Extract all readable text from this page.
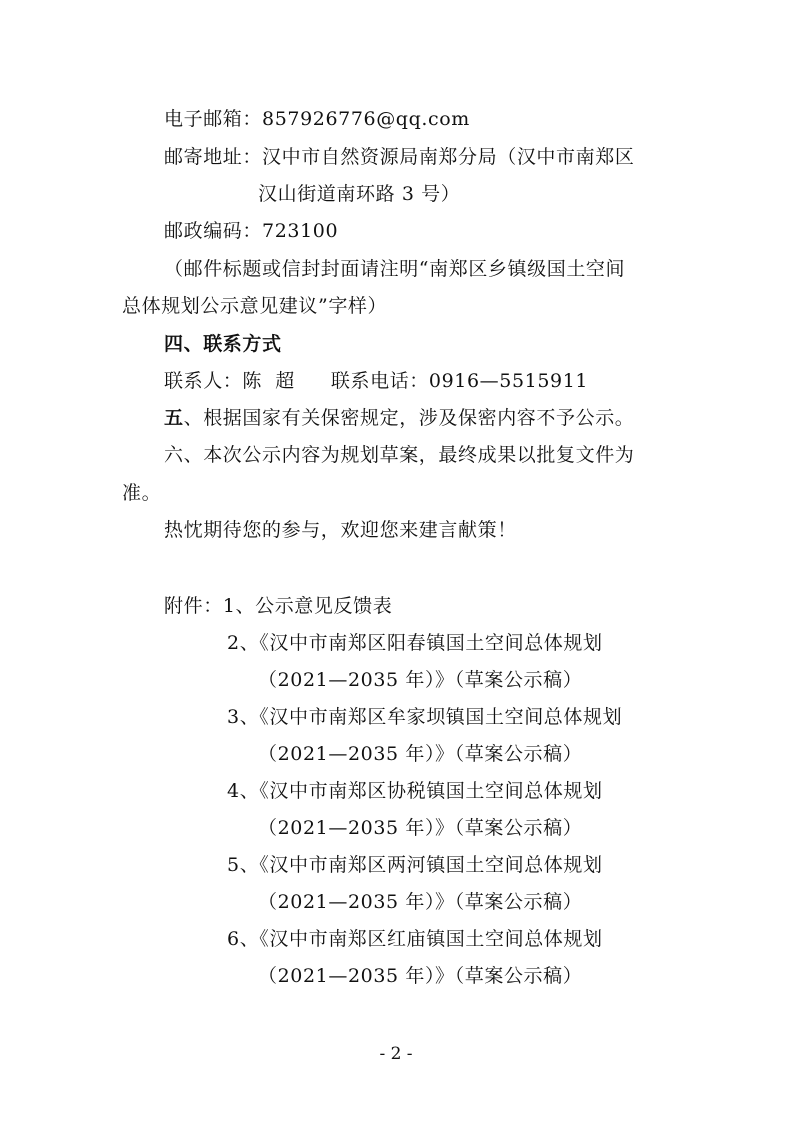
电子邮箱：857926776@qq.com
邮寄地址：汉中市自然资源局南郑分局（汉中市南郑区
汉山街道南环路 3 号）
邮政编码：723100
（邮件标题或信封封面请注明“南郑区乡镇级国土空间
总体规划公示意见建议”字样）
四、联系方式
联系人：陈  超 联系电话：0916—5515911
五、根据国家有关保密规定，涉及保密内容不予公示。
六、本次公示内容为规划草案，最终成果以批复文件为
准。
热忱期待您的参与，欢迎您来建言献策！
附件：1、公示意见反馈表
2、《汉中市南郑区阳春镇国土空间总体规划
（2021—2035 年）》（草案公示稿）
3、《汉中市南郑区牟家坝镇国土空间总体规划
（2021—2035 年）》（草案公示稿）
4、《汉中市南郑区协税镇国土空间总体规划
（2021—2035 年）》（草案公示稿）
5、《汉中市南郑区两河镇国土空间总体规划
（2021—2035 年）》（草案公示稿）
6、《汉中市南郑区红庙镇国土空间总体规划
（2021—2035 年）》（草案公示稿）
- 2 -
